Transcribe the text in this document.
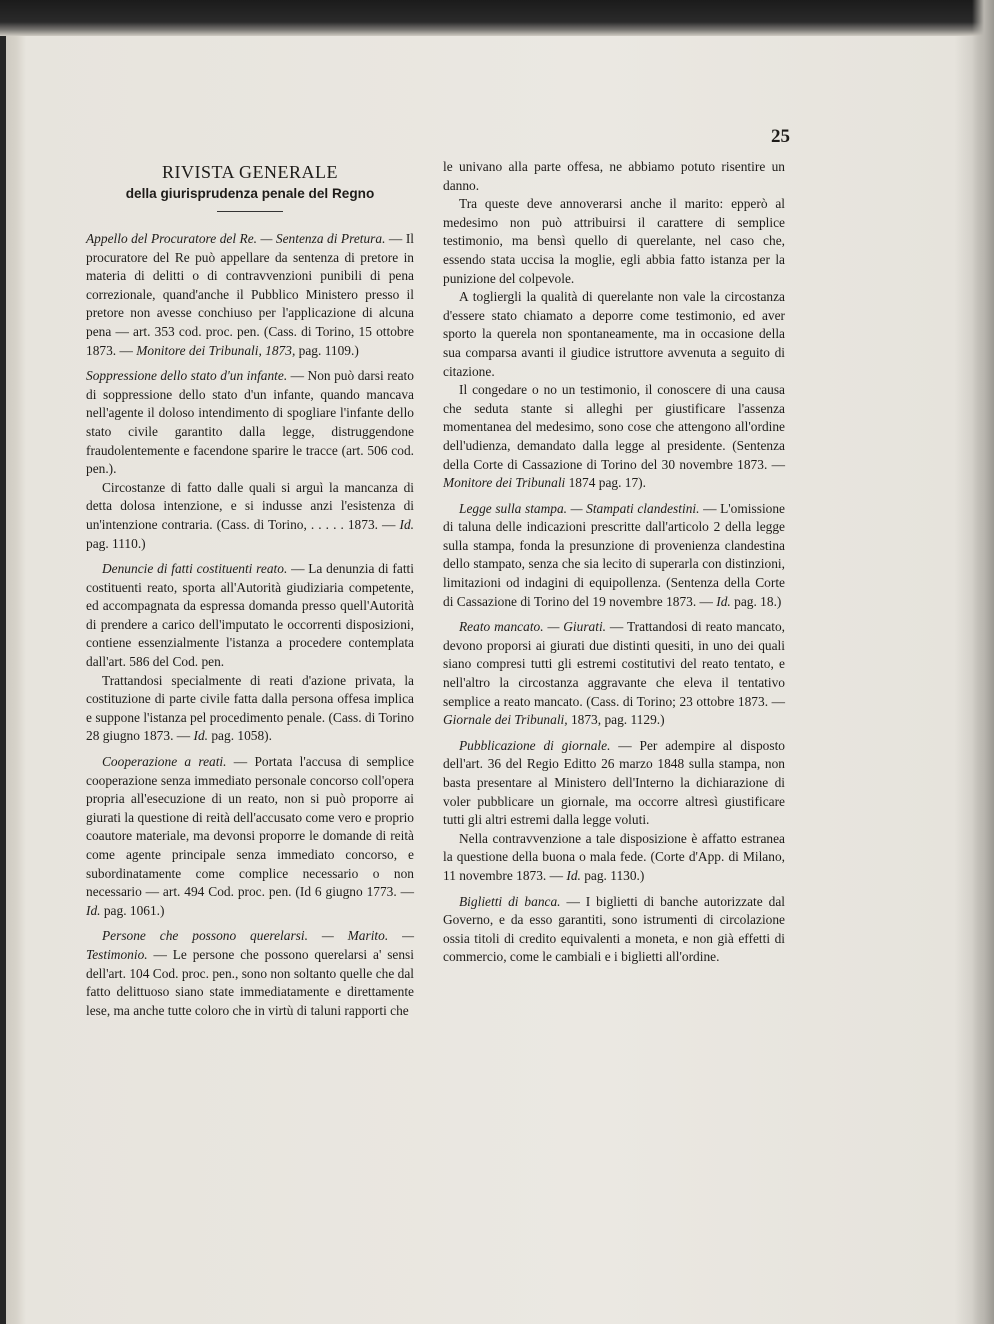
25
RIVISTA GENERALE
della giurisprudenza penale del Regno

Appello del Procuratore del Re. — Sentenza di Pretura. — Il procuratore del Re può appellare da sentenza di pretore in materia di delitti o di contravvenzioni punibili di pena correzionale, quand'anche il Pubblico Ministero presso il pretore non avesse conchiuso per l'applicazione di alcuna pena — art. 353 cod. proc. pen. (Cass. di Torino, 15 ottobre 1873. — Monitore dei Tribunali, 1873, pag. 1109.)

Soppressione dello stato d'un infante. — Non può darsi reato di soppressione dello stato d'un infante, quando mancava nell'agente il doloso intendimento di spogliare l'infante dello stato civile garantito dalla legge, distruggendone fraudolentemente e facendone sparire le tracce (art. 506 cod. pen.).

Circostanze di fatto dalle quali si arguì la mancanza di detta dolosa intenzione, e si indusse anzi l'esistenza di un'intenzione contraria. (Cass. di Torino, . . . . . 1873. — Id. pag. 1110.)

Denuncie di fatti costituenti reato. — La denunzia di fatti costituenti reato, sporta all'Autorità giudiziaria competente, ed accompagnata da espressa domanda presso quell'Autorità di prendere a carico dell'imputato le occorrenti disposizioni, contiene essenzialmente l'istanza a procedere contemplata dall'art. 586 del Cod. pen.

Trattandosi specialmente di reati d'azione privata, la costituzione di parte civile fatta dalla persona offesa implica e suppone l'istanza pel procedimento penale. (Cass. di Torino 28 giugno 1873. — Id. pag. 1058).

Cooperazione a reati. — Portata l'accusa di semplice cooperazione senza immediato personale concorso coll'opera propria all'esecuzione di un reato, non si può proporre ai giurati la questione di reità dell'accusato come vero e proprio coautore materiale, ma devonsi proporre le domande di reità come agente principale senza immediato concorso, e subordinatamente come complice necessario o non necessario — art. 494 Cod. proc. pen. (Id 6 giugno 1773. — Id. pag. 1061.)

Persone che possono querelarsi. — Marito. — Testimonio. — Le persone che possono querelarsi a' sensi dell'art. 104 Cod. proc. pen., sono non soltanto quelle che dal fatto delittuoso siano state immediatamente e direttamente lese, ma anche tutte coloro che in virtù di taluni rapporti che

le univano alla parte offesa, ne abbiamo potuto risentire un danno.

Tra queste deve annoverarsi anche il marito: epperò al medesimo non può attribuirsi il carattere di semplice testimonio, ma bensì quello di querelante, nel caso che, essendo stata uccisa la moglie, egli abbia fatto istanza per la punizione del colpevole.

A togliergli la qualità di querelante non vale la circostanza d'essere stato chiamato a deporre come testimonio, ed aver sporto la querela non spontaneamente, ma in occasione della sua comparsa avanti il giudice istruttore avvenuta a seguito di citazione.

Il congedare o no un testimonio, il conoscere di una causa che seduta stante si alleghi per giustificare l'assenza momentanea del medesimo, sono cose che attengono all'ordine dell'udienza, demandato dalla legge al presidente. (Sentenza della Corte di Cassazione di Torino del 30 novembre 1873. — Monitore dei Tribunali 1874 pag. 17).

Legge sulla stampa. — Stampati clandestini. — L'omissione di taluna delle indicazioni prescritte dall'articolo 2 della legge sulla stampa, fonda la presunzione di provenienza clandestina dello stampato, senza che sia lecito di superarla con distinzioni, limitazioni od indagini di equipollenza. (Sentenza della Corte di Cassazione di Torino del 19 novembre 1873. — Id. pag. 18.)

Reato mancato. — Giurati. — Trattandosi di reato mancato, devono proporsi ai giurati due distinti quesiti, in uno dei quali siano compresi tutti gli estremi costitutivi del reato tentato, e nell'altro la circostanza aggravante che eleva il tentativo semplice a reato mancato. (Cass. di Torino; 23 ottobre 1873. — Giornale dei Tribunali, 1873, pag. 1129.)

Pubblicazione di giornale. — Per adempire al disposto dell'art. 36 del Regio Editto 26 marzo 1848 sulla stampa, non basta presentare al Ministero dell'Interno la dichiarazione di voler pubblicare un giornale, ma occorre altresì giustificare tutti gli altri estremi dalla legge voluti.

Nella contravvenzione a tale disposizione è affatto estranea la questione della buona o mala fede. (Corte d'App. di Milano, 11 novembre 1873. — Id. pag. 1130.)

Biglietti di banca. — I biglietti di banche autorizzate dal Governo, e da esso garantiti, sono istrumenti di circolazione ossia titoli di credito equivalenti a moneta, e non già effetti di commercio, come le cambiali e i biglietti all'ordine.
